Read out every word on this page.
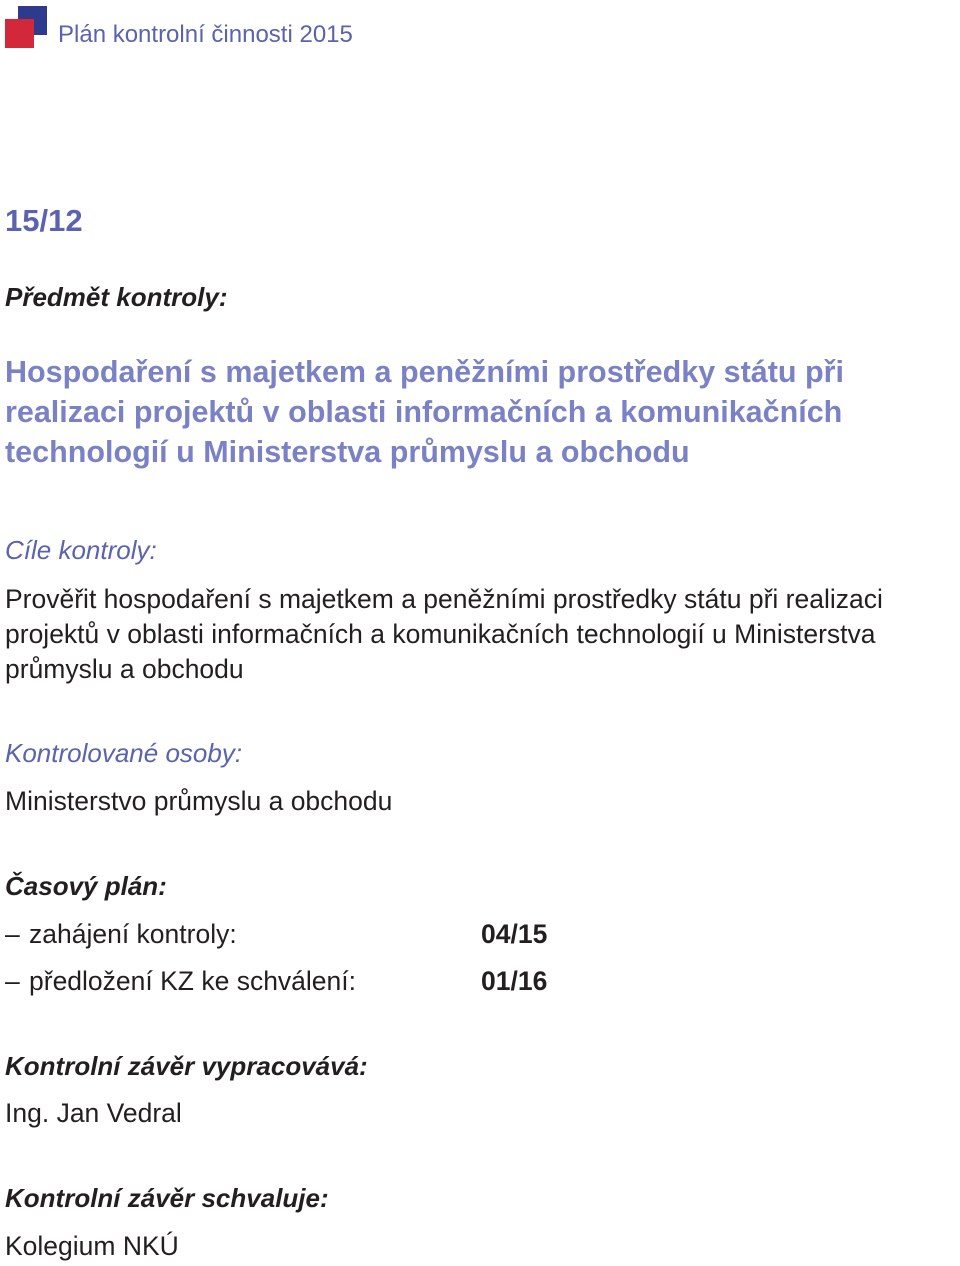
Plán kontrolní činnosti 2015
15/12
Předmět kontroly:
Hospodaření s majetkem a peněžními prostředky státu při
realizaci projektů v oblasti informačních a komunikačních
technologií u Ministerstva průmyslu a obchodu
Cíle kontroly:
Prověřit hospodaření s majetkem a peněžními prostředky státu při realizaci
projektů v oblasti informačních a komunikačních technologií u Ministerstva
průmyslu a obchodu
Kontrolované osoby:
Ministerstvo průmyslu a obchodu
Časový plán:
– zahájení kontroly:	04/15
– předložení KZ ke schválení:	01/16
Kontrolní závěr vypracovává:
Ing. Jan Vedral
Kontrolní závěr schvaluje:
Kolegium NKÚ
